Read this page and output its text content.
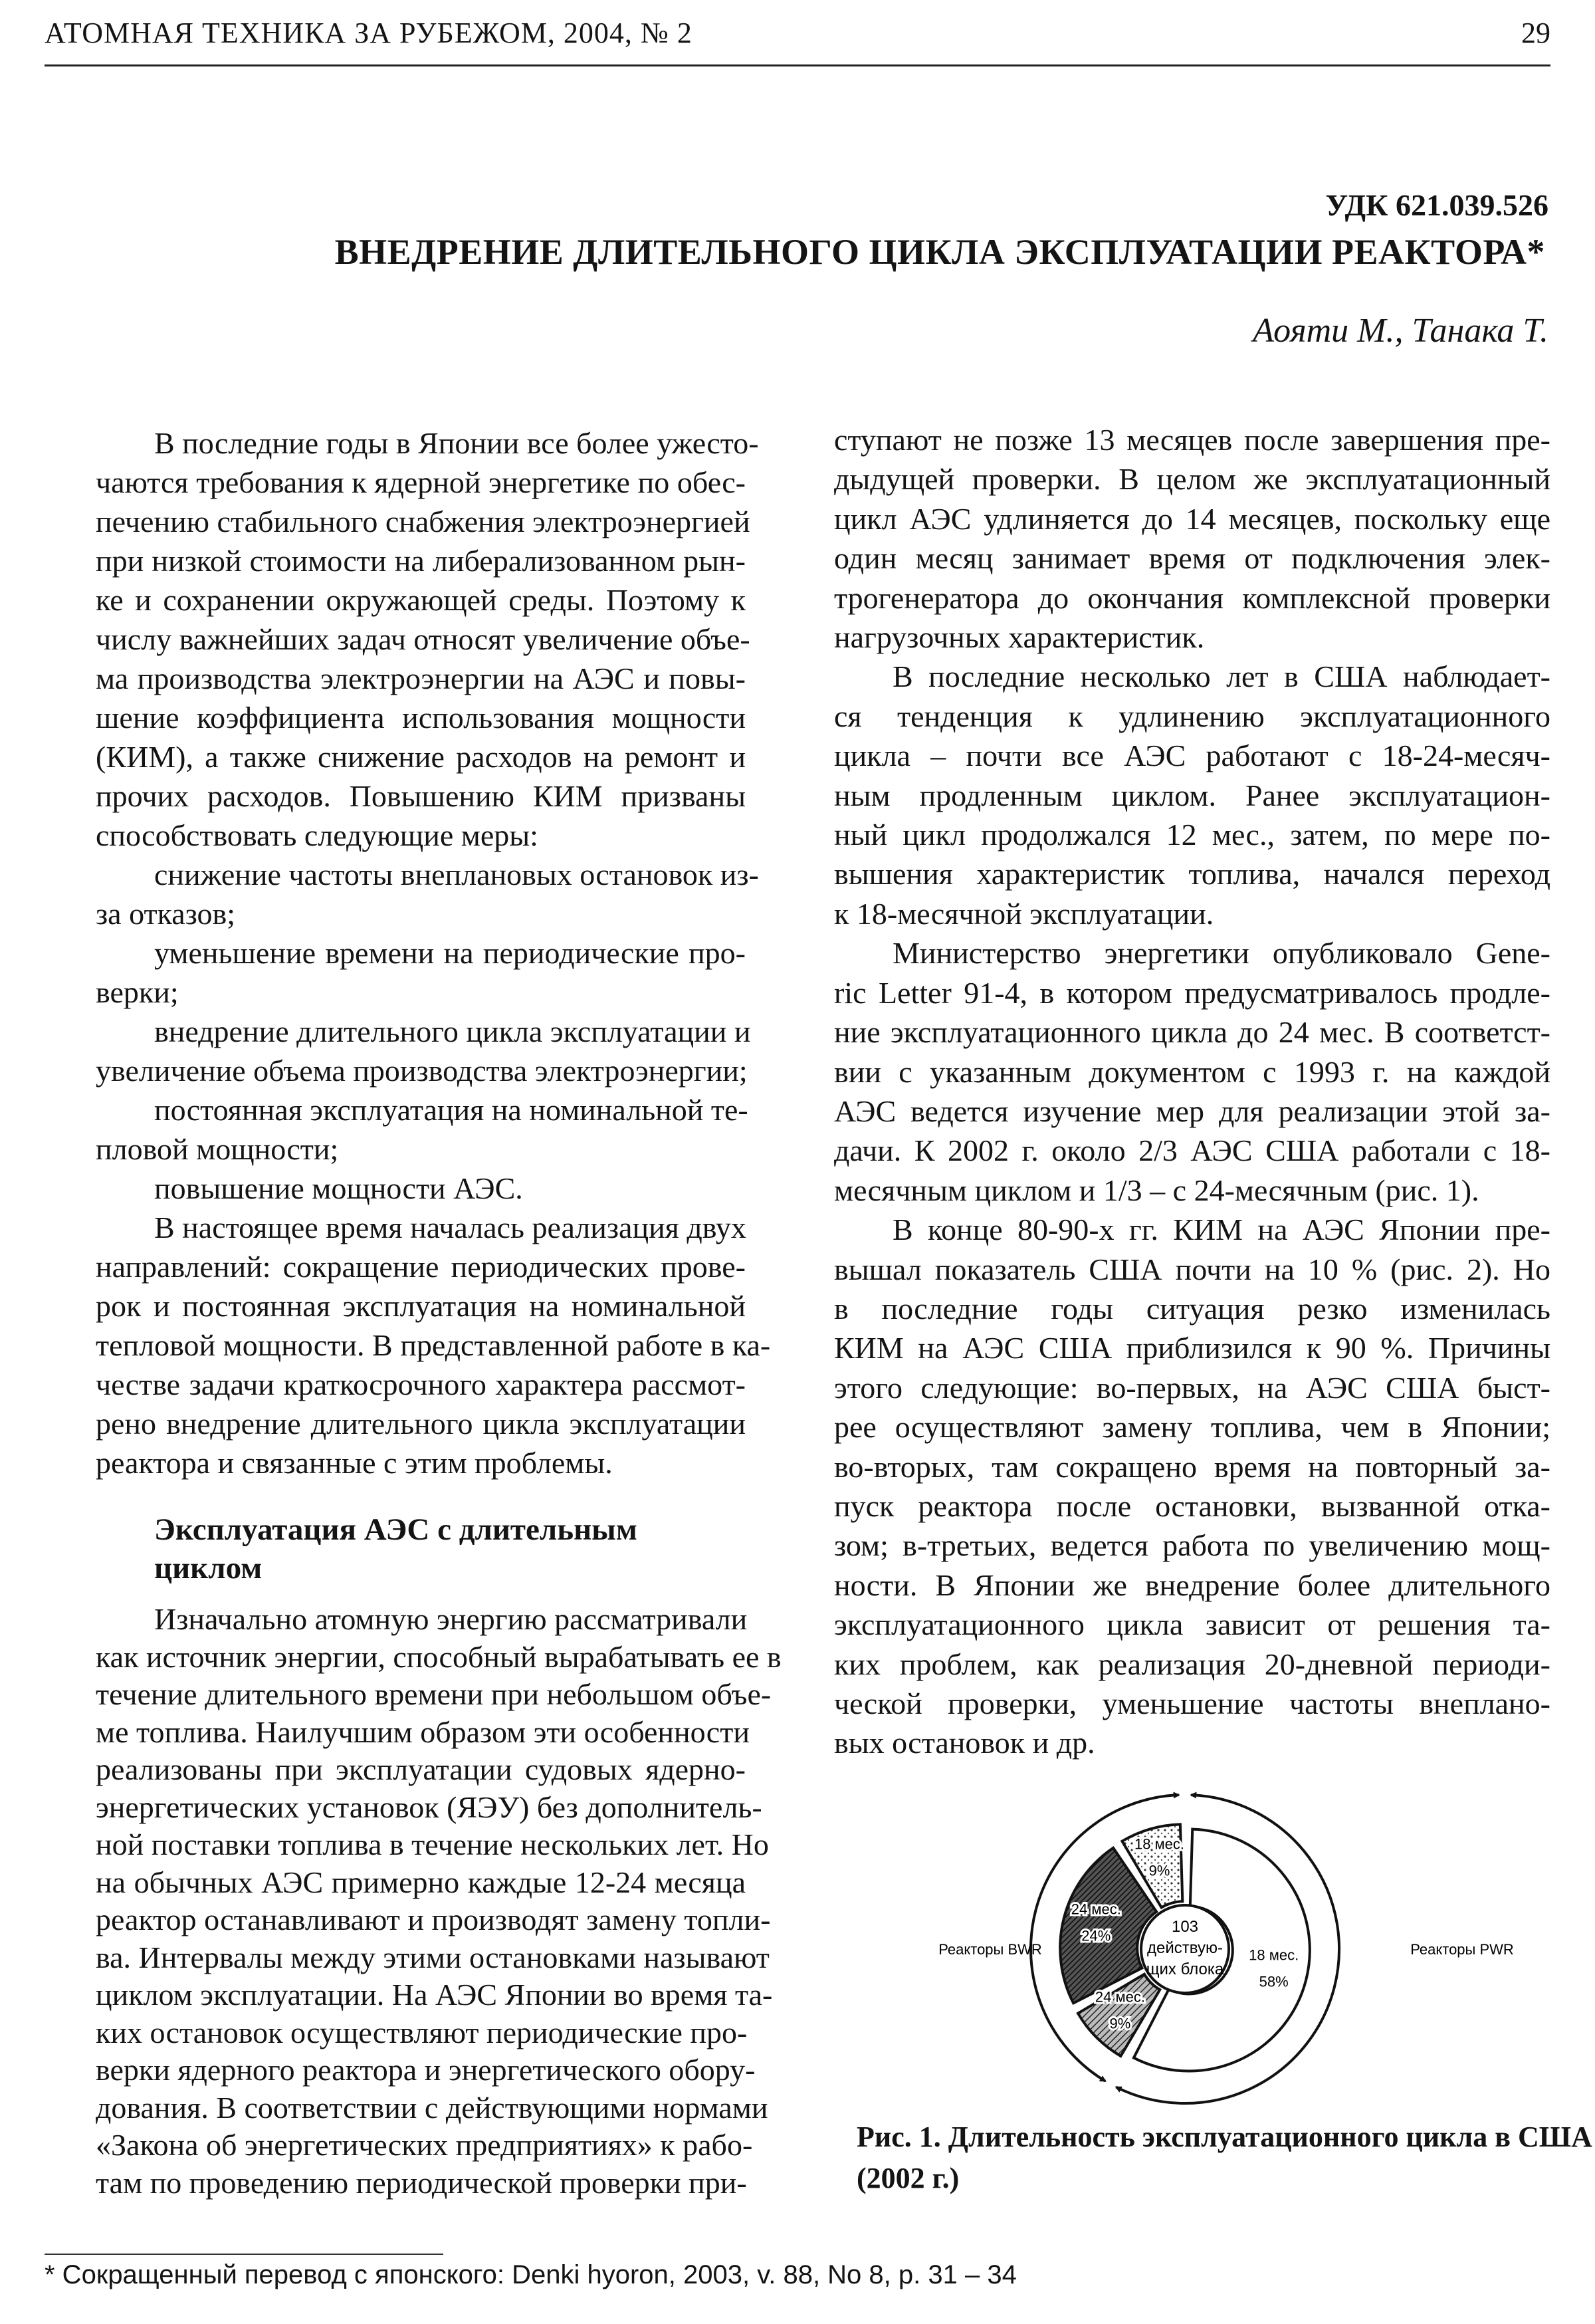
АТОМНАЯ ТЕХНИКА ЗА РУБЕЖОМ, 2004, № 2	29
УДК 621.039.526
ВНЕДРЕНИЕ ДЛИТЕЛЬНОГО ЦИКЛА ЭКСПЛУАТАЦИИ РЕАКТОРА*
Аояти М., Танака Т.
В последние годы в Японии все более ужесто-
чаются требования к ядерной энергетике по обес-
печению стабильного снабжения электроэнергией
при низкой стоимости на либерализованном рын-
ке и сохранении окружающей среды. Поэтому к
числу важнейших задач относят увеличение объе-
ма производства электроэнергии на АЭС и повы-
шение коэффициента использования мощности
(КИМ), а также снижение расходов на ремонт и
прочих расходов. Повышению КИМ призваны
способствовать следующие меры:
снижение частоты внеплановых остановок из-
за отказов;
уменьшение времени на периодические про-
верки;
внедрение длительного цикла эксплуатации и
увеличение объема производства электроэнергии;
постоянная эксплуатация на номинальной те-
пловой мощности;
повышение мощности АЭС.
В настоящее время началась реализация двух
направлений: сокращение периодических прове-
рок и постоянная эксплуатация на номинальной
тепловой мощности. В представленной работе в ка-
честве задачи краткосрочного характера рассмот-
рено внедрение длительного цикла эксплуатации
реактора и связанные с этим проблемы.
Эксплуатация АЭС с длительным
циклом
Изначально атомную энергию рассматривали
как источник энергии, способный вырабатывать ее в
течение длительного времени при небольшом объе-
ме топлива. Наилучшим образом эти особенности
реализованы при эксплуатации судовых ядерно-
энергетических установок (ЯЭУ) без дополнитель-
ной поставки топлива в течение нескольких лет. Но
на обычных АЭС примерно каждые 12-24 месяца
реактор останавливают и производят замену топли-
ва. Интервалы между этими остановками называют
циклом эксплуатации. На АЭС Японии во время та-
ких остановок осуществляют периодические про-
верки ядерного реактора и энергетического обору-
дования. В соответствии с действующими нормами
«Закона об энергетических предприятиях» к рабо-
там по проведению периодической проверки при-
ступают не позже 13 месяцев после завершения пре-
дыдущей проверки. В целом же эксплуатационный
цикл АЭС удлиняется до 14 месяцев, поскольку еще
один месяц занимает время от подключения элек-
трогенератора до окончания комплексной проверки
нагрузочных характеристик.
В последние несколько лет в США наблюдает-
ся тенденция к удлинению эксплуатационного
цикла – почти все АЭС работают с 18-24-месяч-
ным продленным циклом. Ранее эксплуатацион-
ный цикл продолжался 12 мес., затем, по мере по-
вышения характеристик топлива, начался переход
к 18-месячной эксплуатации.
Министерство энергетики опубликовало Gene-
ric Letter 91-4, в котором предусматривалось продле-
ние эксплуатационного цикла до 24 мес. В соответст-
вии с указанным документом с 1993 г. на каждой
АЭС ведется изучение мер для реализации этой за-
дачи. К 2002 г. около 2/3 АЭС США работали с 18-
месячным циклом и 1/3 – с 24-месячным (рис. 1).
В конце 80-90-х гг. КИМ на АЭС Японии пре-
вышал показатель США почти на 10 % (рис. 2). Но
в последние годы ситуация резко изменилась
КИМ на АЭС США приблизился к 90 %. Причины
этого следующие: во-первых, на АЭС США быст-
рее осуществляют замену топлива, чем в Японии;
во-вторых, там сокращено время на повторный за-
пуск реактора после остановки, вызванной отка-
зом; в-третьих, ведется работа по увеличению мощ-
ности. В Японии же внедрение более длительного
эксплуатационного цикла зависит от решения та-
ких проблем, как реализация 20-дневной периоди-
ческой проверки, уменьшение частоты внеплано-
вых остановок и др.
103
действую-
щих блока
Реакторы BWR	Реакторы PWR
18 мес.
58%
24 мес.
9%
24 мес.
24%
18 мес.
9%
Рис. 1. Длительность эксплуатационного цикла в США
(2002 г.)
* Сокращенный перевод с японского: Denki hyoron, 2003, v. 88, No 8, p. 31 – 34
